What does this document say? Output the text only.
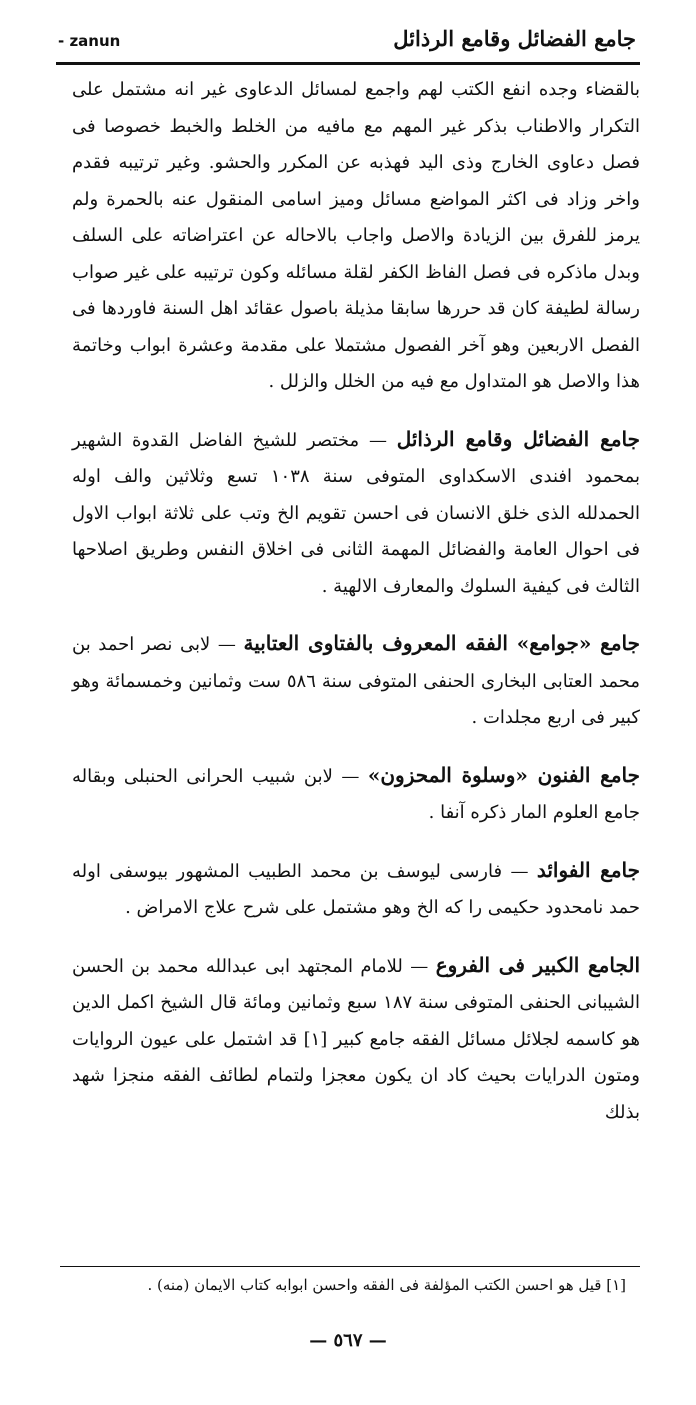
جامع الفضائل وقامع الرذائل
- zanun

بالقضاء وجده انفع الكتب لهم واجمع لمسائل الدعاوى غير انه مشتمل على التكرار والاطناب بذكر غير المهم مع مافيه من الخلط والخبط خصوصا فى فصل دعاوى الخارج وذى اليد فهذبه عن المكرر والحشو. وغير ترتيبه فقدم واخر وزاد فى اكثر المواضع مسائل وميز اسامى المنقول عنه بالحمرة ولم يرمز للفرق بين الزيادة والاصل واجاب بالاحاله عن اعتراضاته على السلف وبدل ماذكره فى فصل الفاظ الكفر لقلة مسائله وكون ترتيبه على غير صواب رسالة لطيفة كان قد حررها سابقا مذيلة باصول عقائد اهل السنة فاوردها فى الفصل الاربعين وهو آخر الفصول مشتملا على مقدمة وعشرة ابواب وخاتمة هذا والاصل هو المتداول مع فيه من الخلل والزلل .

جامع الفضائل وقامع الرذائل — مختصر للشيخ الفاضل القدوة الشهير بمحمود افندى الاسكداوى المتوفى سنة ١٠٣٨ تسع وثلاثين والف اوله الحمدلله الذى خلق الانسان فى احسن تقويم الخ وتب على ثلاثة ابواب الاول فى احوال العامة والفضائل المهمة الثانى فى اخلاق النفس وطريق اصلاحها الثالث فى كيفية السلوك والمعارف الالهية .

جامع «جوامع» الفقه المعروف بالفتاوى العتابية — لابى نصر احمد بن محمد العتابى البخارى الحنفى المتوفى سنة ٥٨٦ ست وثمانين وخمسمائة وهو كبير فى اربع مجلدات .

جامع الفنون «وسلوة المحزون» — لابن شبيب الحرانى الحنبلى وبقاله جامع العلوم المار ذكره آنفا .

جامع الفوائد — فارسى ليوسف بن محمد الطبيب المشهور بيوسفى اوله حمد نامحدود حكيمى را كه الخ وهو مشتمل على شرح علاج الامراض .

الجامع الكبير فى الفروع — للامام المجتهد ابى عبدالله محمد بن الحسن الشيبانى الحنفى المتوفى سنة ١٨٧ سبع وثمانين ومائة قال الشيخ اكمل الدين هو كاسمه لجلائل مسائل الفقه جامع كبير [١] قد اشتمل على عيون الروايات ومتون الدرايات بحيث كاد ان يكون معجزا ولتمام لطائف الفقه منجزا شهد بذلك

[١] قيل هو احسن الكتب المؤلفة فى الفقه واحسن ابوابه كتاب الايمان (منه) .
— ٥٦٧ —
